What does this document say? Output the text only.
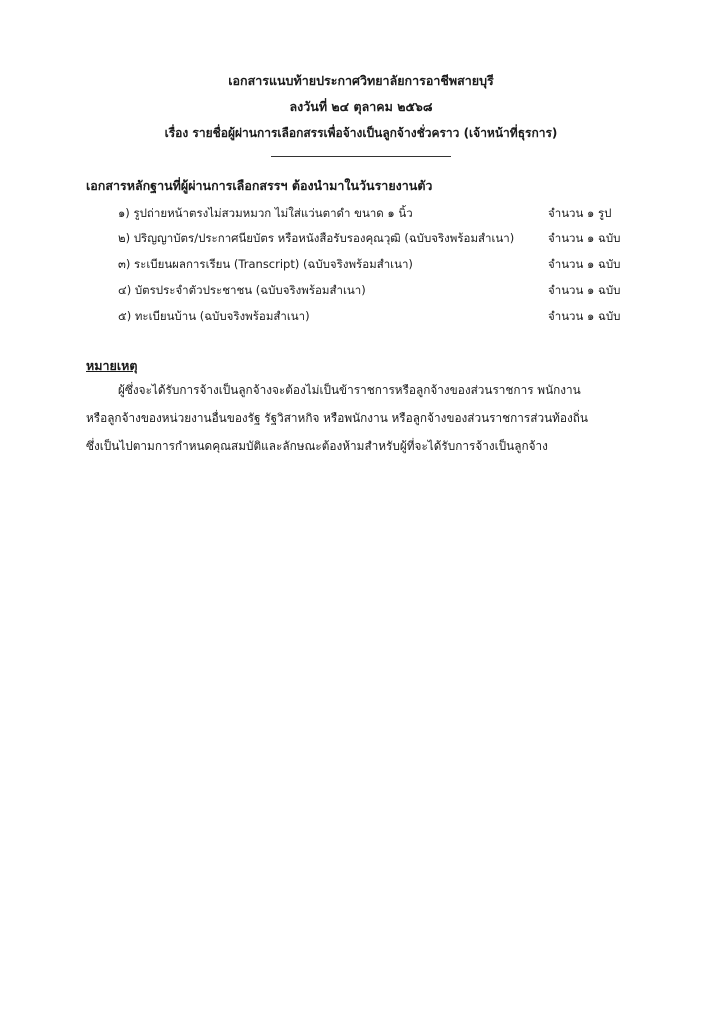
เอกสารแนบท้ายประกาศวิทยาลัยการอาชีพสายบุรี
ลงวันที่ ๒๔ ตุลาคม ๒๕๖๘
เรื่อง รายชื่อผู้ผ่านการเลือกสรรเพื่อจ้างเป็นลูกจ้างชั่วคราว (เจ้าหน้าที่ธุรการ)
เอกสารหลักฐานที่ผู้ผ่านการเลือกสรรฯ ต้องนำมาในวันรายงานตัว
๑) รูปถ่ายหน้าตรงไม่สวมหมวก ไม่ใส่แว่นตาดำ ขนาด ๑ นิ้ว	จำนวน ๑ รูป
๒) ปริญญาบัตร/ประกาศนียบัตร หรือหนังสือรับรองคุณวุฒิ (ฉบับจริงพร้อมสำเนา)	จำนวน ๑ ฉบับ
๓) ระเบียนผลการเรียน (Transcript) (ฉบับจริงพร้อมสำเนา)	จำนวน ๑ ฉบับ
๔) บัตรประจำตัวประชาชน (ฉบับจริงพร้อมสำเนา)	จำนวน ๑ ฉบับ
๕) ทะเบียนบ้าน (ฉบับจริงพร้อมสำเนา)	จำนวน ๑ ฉบับ
หมายเหตุ
ผู้ซึ่งจะได้รับการจ้างเป็นลูกจ้างจะต้องไม่เป็นข้าราชการหรือลูกจ้างของส่วนราชการ พนักงาน
หรือลูกจ้างของหน่วยงานอื่นของรัฐ รัฐวิสาหกิจ หรือพนักงาน หรือลูกจ้างของส่วนราชการส่วนท้องถิ่น
ซึ่งเป็นไปตามการกำหนดคุณสมบัติและลักษณะต้องห้ามสำหรับผู้ที่จะได้รับการจ้างเป็นลูกจ้าง
